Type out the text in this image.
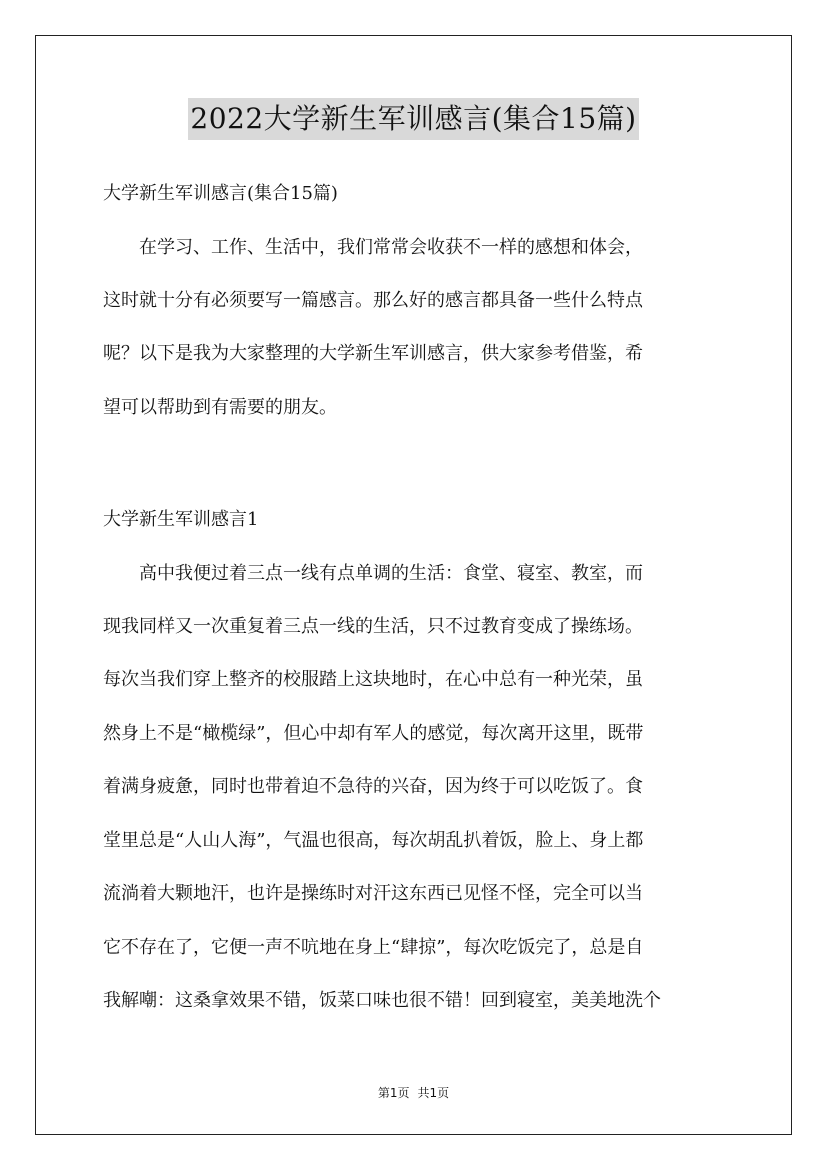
2022大学新生军训感言(集合15篇)
大学新生军训感言(集合15篇)
　　在学习、工作、生活中，我们常常会收获不一样的感想和体会，
这时就十分有必须要写一篇感言。那么好的感言都具备一些什么特点
呢？以下是我为大家整理的大学新生军训感言，供大家参考借鉴，希
望可以帮助到有需要的朋友。
大学新生军训感言1
　　高中我便过着三点一线有点单调的生活：食堂、寝室、教室，而
现我同样又一次重复着三点一线的生活，只不过教育变成了操练场。
每次当我们穿上整齐的校服踏上这块地时，在心中总有一种光荣，虽
然身上不是“橄榄绿”，但心中却有军人的感觉，每次离开这里，既带
着满身疲惫，同时也带着迫不急待的兴奋，因为终于可以吃饭了。食
堂里总是“人山人海”，气温也很高，每次胡乱扒着饭，脸上、身上都
流淌着大颗地汗，也许是操练时对汗这东西已见怪不怪，完全可以当
它不存在了，它便一声不吭地在身上“肆掠”，每次吃饭完了，总是自
我解嘲：这桑拿效果不错，饭菜口味也很不错！回到寝室，美美地洗个
第1页 共1页
